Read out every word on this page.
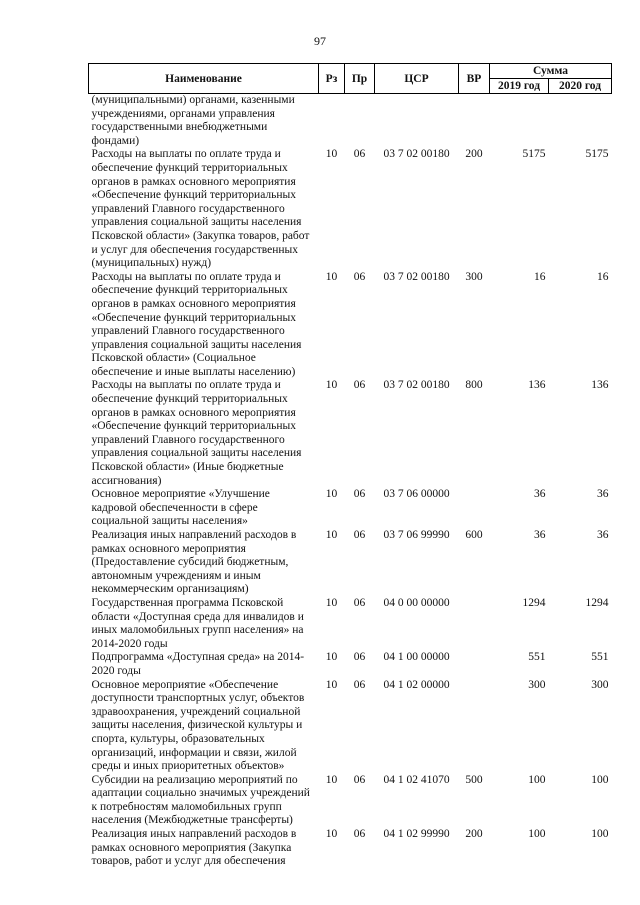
97
Наименование	Рз	Пр	ЦСР	ВР	Сумма	
					2019 год	2020 год
(муниципальными) органами, казенными учреждениями, органами управления государственными внебюджетными фондами)						
Расходы на выплаты по оплате труда и обеспечение функций территориальных органов в рамках основного мероприятия «Обеспечение функций территориальных управлений Главного государственного управления социальной защиты населения Псковской области» (Закупка товаров, работ и услуг для обеспечения государственных (муниципальных) нужд)	10	06	03 7 02 00180	200	5175	5175
Расходы на выплаты по оплате труда и обеспечение функций территориальных органов в рамках основного мероприятия «Обеспечение функций территориальных управлений Главного государственного управления социальной защиты населения Псковской области» (Социальное обеспечение и иные выплаты населению)	10	06	03 7 02 00180	300	16	16
Расходы на выплаты по оплате труда и обеспечение функций территориальных органов в рамках основного мероприятия «Обеспечение функций территориальных управлений Главного государственного управления социальной защиты населения Псковской области» (Иные бюджетные ассигнования)	10	06	03 7 02 00180	800	136	136
Основное мероприятие «Улучшение кадровой обеспеченности в сфере социальной защиты населения»	10	06	03 7 06 00000		36	36
Реализация иных направлений расходов в рамках основного мероприятия (Предоставление субсидий бюджетным, автономным учреждениям и иным некоммерческим организациям)	10	06	03 7 06 99990	600	36	36
Государственная программа Псковской области «Доступная среда для инвалидов и иных маломобильных групп населения» на 2014-2020 годы	10	06	04 0 00 00000		1294	1294
Подпрограмма «Доступная среда» на 2014-2020 годы	10	06	04 1 00 00000		551	551
Основное мероприятие «Обеспечение доступности транспортных услуг, объектов здравоохранения, учреждений социальной защиты населения, физической культуры и спорта, культуры, образовательных организаций, информации и связи, жилой среды и иных приоритетных объектов»	10	06	04 1 02 00000		300	300
Субсидии на реализацию мероприятий по адаптации социально значимых учреждений к потребностям маломобильных групп населения (Межбюджетные трансферты)	10	06	04 1 02 41070	500	100	100
Реализация иных направлений расходов в рамках основного мероприятия (Закупка товаров, работ и услуг для обеспечения	10	06	04 1 02 99990	200	100	100
